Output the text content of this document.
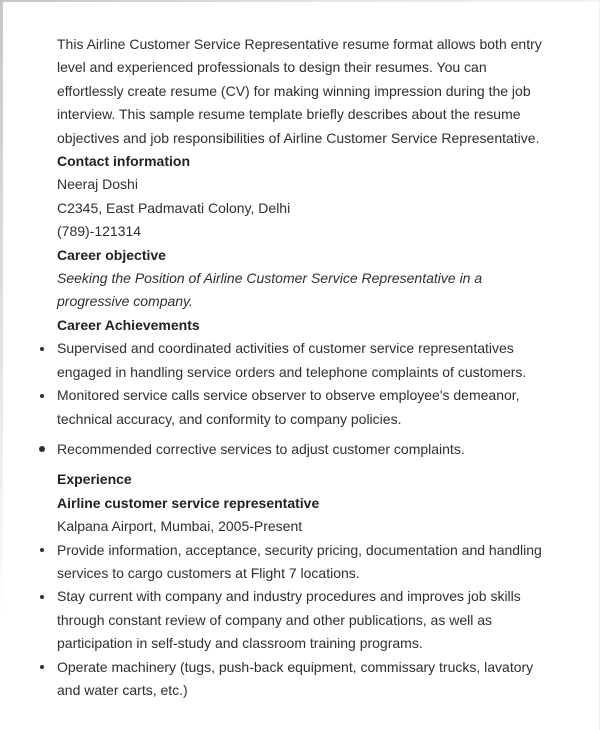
This Airline Customer Service Representative resume format allows both entry level and experienced professionals to design their resumes. You can effortlessly create resume (CV) for making winning impression during the job interview. This sample resume template briefly describes about the resume objectives and job responsibilities of Airline Customer Service Representative.

Contact information

Neeraj Doshi

C2345, East Padmavati Colony, Delhi

(789)-121314

Career objective

Seeking the Position of Airline Customer Service Representative in a progressive company.

Career Achievements
Supervised and coordinated activities of customer service representatives engaged in handling service orders and telephone complaints of customers.
Monitored service calls service observer to observe employee's demeanor, technical accuracy, and conformity to company policies.
Recommended corrective services to adjust customer complaints.
Experience

Airline customer service representative

Kalpana Airport, Mumbai, 2005-Present

Provide information, acceptance, security pricing, documentation and handling services to cargo customers at Flight 7 locations.
Stay current with company and industry procedures and improves job skills through constant review of company and other publications, as well as participation in self-study and classroom training programs.
Operate machinery (tugs, push-back equipment, commissary trucks, lavatory and water carts, etc.)
